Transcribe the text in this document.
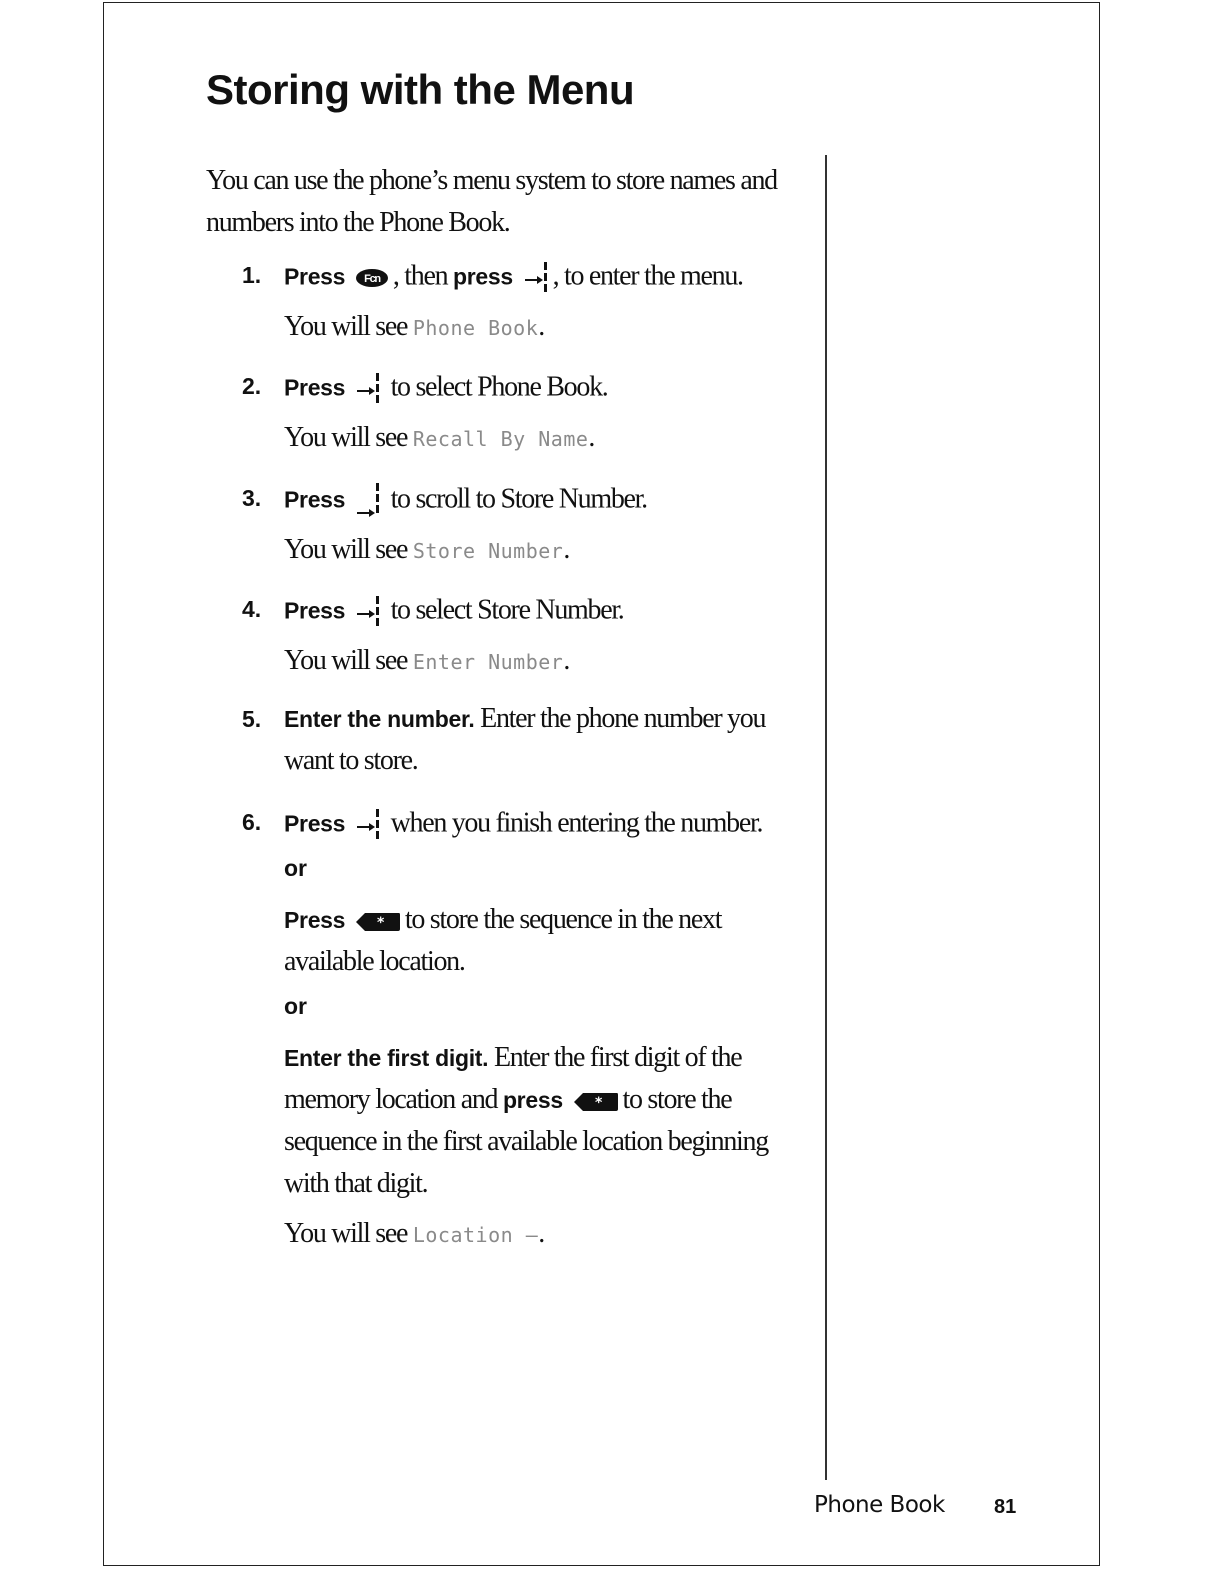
Storing with the Menu

You can use the phone’s menu system to store names and numbers into the Phone Book.

1. Press Fcn , then press , to enter the menu.
You will see Phone Book.
2. Press to select Phone Book.
You will see Recall By Name.
3. Press to scroll to Store Number.
You will see Store Number.
4. Press to select Store Number.
You will see Enter Number.
5. Enter the number. Enter the phone number you want to store.
6. Press when you finish entering the number.
or
Press * to store the sequence in the next available location.
or
Enter the first digit. Enter the first digit of the memory location and press * to store the sequence in the first available location beginning with that digit.
You will see Location —.
Phone Book 81
